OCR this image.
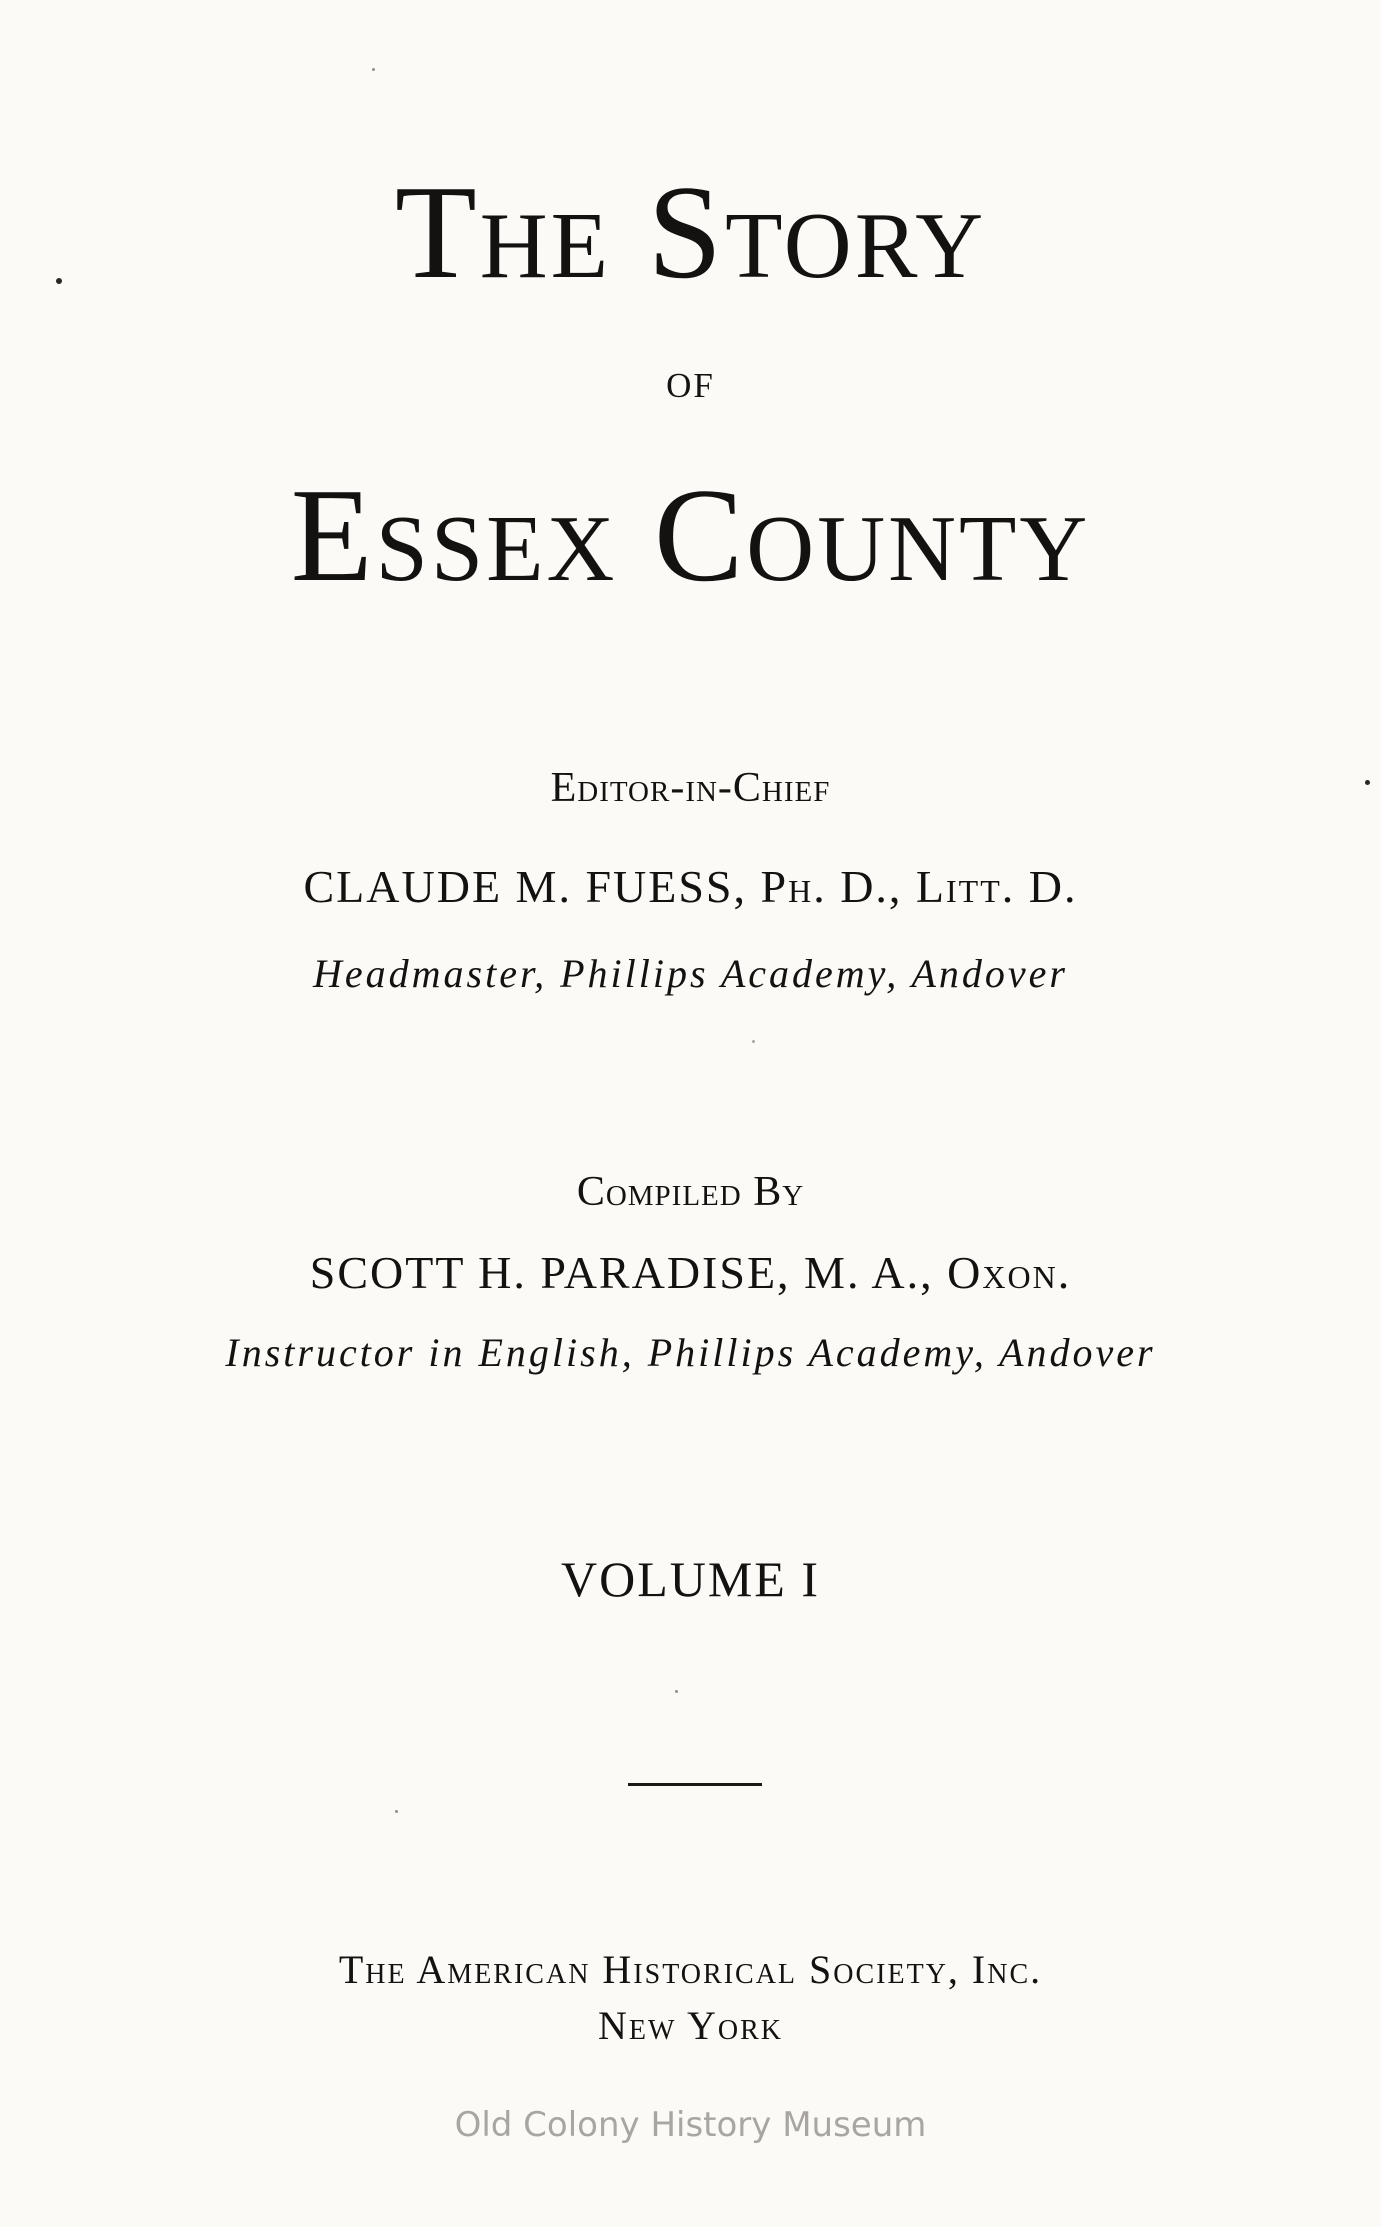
The Story
of
Essex County
Editor-in-Chief
CLAUDE M. FUESS, Ph. D., Litt. D.
Headmaster, Phillips Academy, Andover
Compiled By
SCOTT H. PARADISE, M. A., Oxon.
Instructor in English, Phillips Academy, Andover
VOLUME I
The American Historical Society, Inc.
New York
Old Colony History Museum
